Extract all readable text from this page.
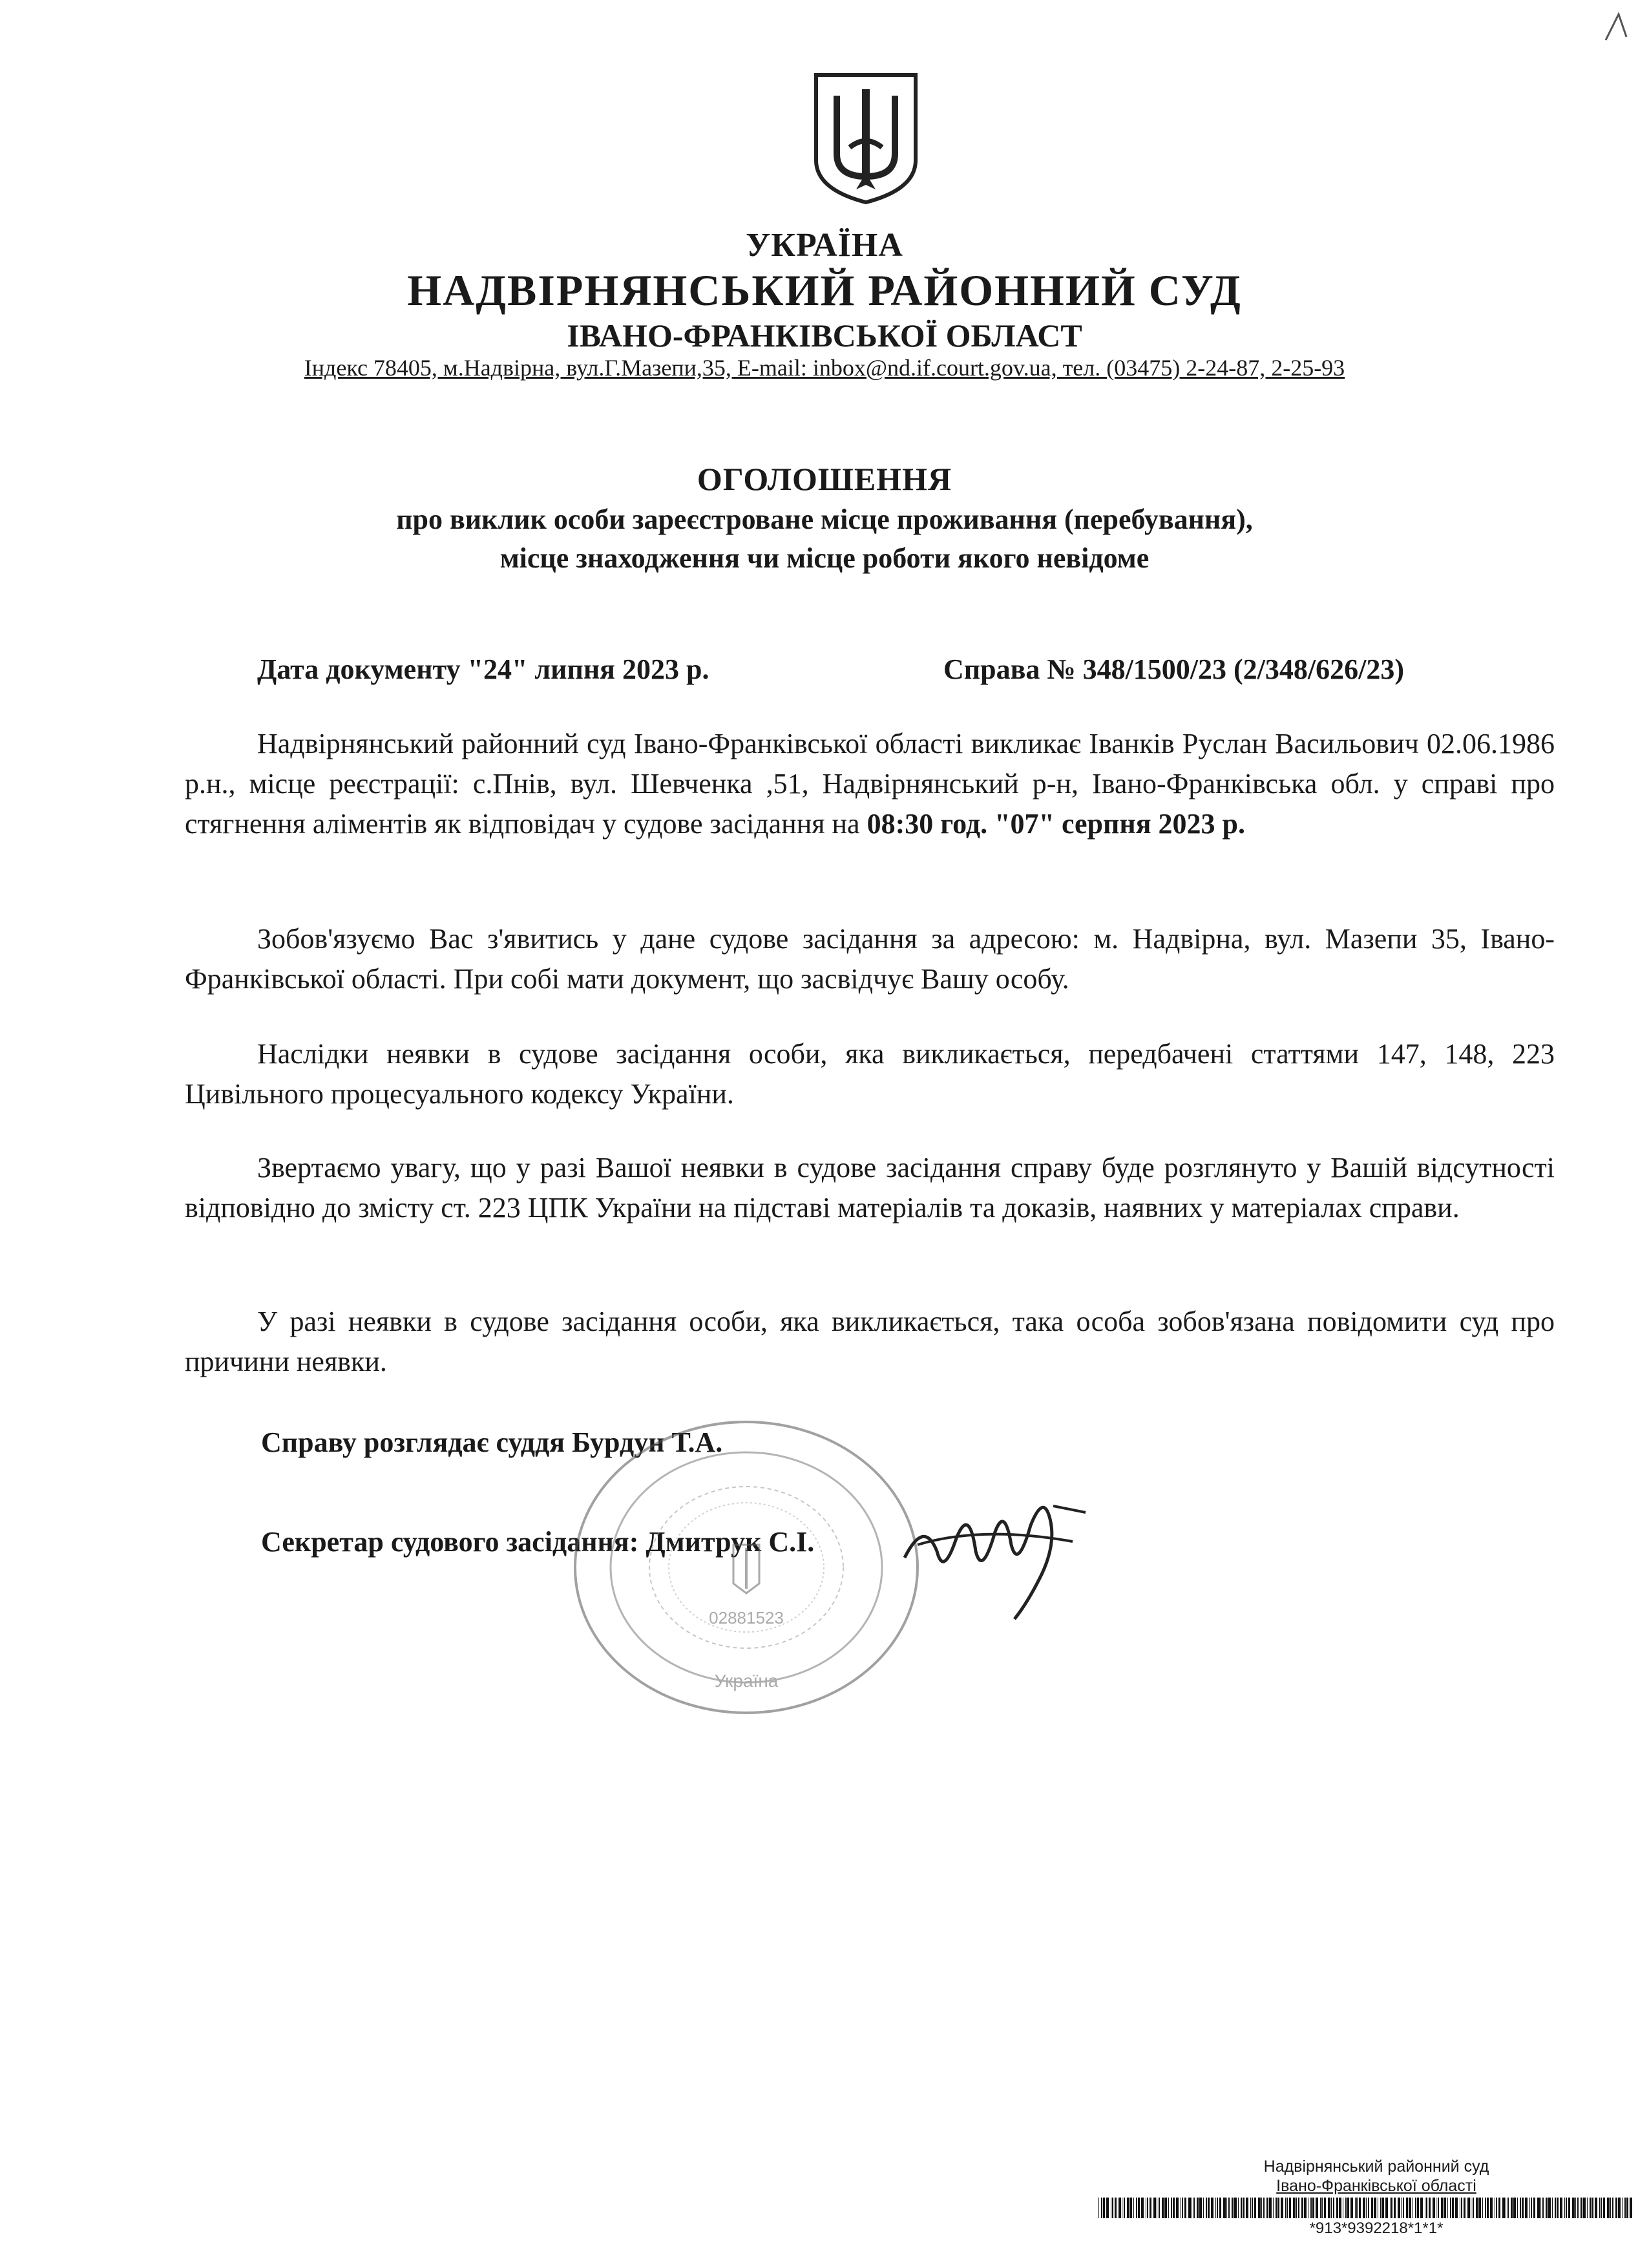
УКРАЇНА
НАДВІРНЯНСЬКИЙ РАЙОННИЙ СУД
ІВАНО-ФРАНКІВСЬКОЇ ОБЛАСТ
Індекс 78405, м.Надвірна, вул.Г.Мазепи,35, E-mail: inbox@nd.if.court.gov.ua, тел. (03475) 2-24-87, 2-25-93
ОГОЛОШЕННЯ
про виклик особи зареєстроване місце проживання (перебування),
місце знаходження чи місце роботи якого невідоме
Дата документу "24" липня 2023 р.	Справа № 348/1500/23 (2/348/626/23)

Надвірнянський районний суд Івано-Франківської області викликає Іванків Руслан Васильович 02.06.1986 р.н., місце реєстрації: с.Пнів, вул. Шевченка ,51, Надвірнянський р-н, Івано-Франківська обл. у справі про стягнення аліментів як відповідач у судове засідання на 08:30 год. "07" серпня 2023 р.

Зобов'язуємо Вас з'явитись у дане судове засідання за адресою: м. Надвірна, вул. Мазепи 35, Івано-Франківської області. При собі мати документ, що засвідчує Вашу особу.

Наслідки неявки в судове засідання особи, яка викликається, передбачені статтями 147, 148, 223 Цивільного процесуального кодексу України.

Звертаємо увагу, що у разі Вашої неявки в судове засідання справу буде розглянуто у Вашій відсутності відповідно до змісту ст. 223 ЦПК України на підставі матеріалів та доказів, наявних у матеріалах справи.

У разі неявки в судове засідання особи, яка викликається, така особа зобов'язана повідомити суд про причини неявки.

Справу розглядає суддя Бурдун Т.А.
Секретар судового засідання: Дмитрук С.І.
02881523
Україна
Надвірнянський районний суд
Івано-Франківської області
*913*9392218*1*1*
